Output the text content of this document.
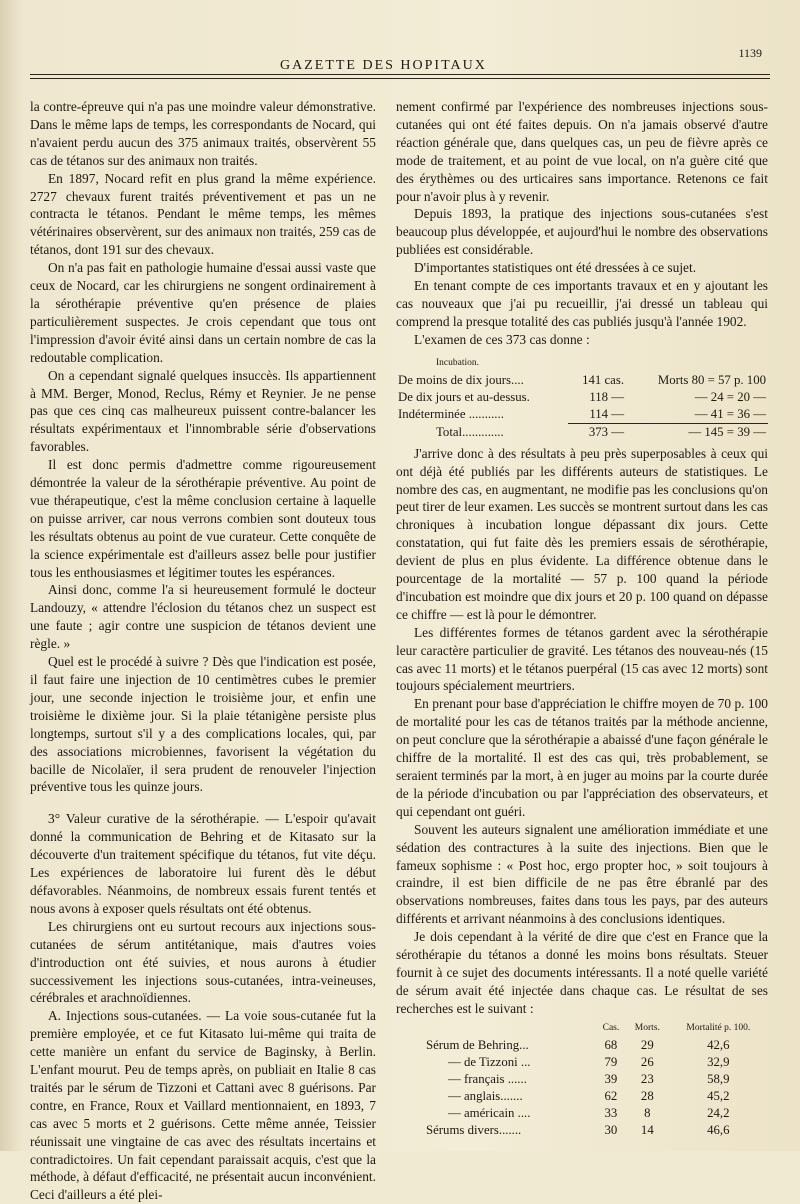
GAZETTE DES HOPITAUX
1139

la contre-épreuve qui n'a pas une moindre valeur démonstrative. Dans le même laps de temps, les correspondants de Nocard, qui n'avaient perdu aucun des 375 animaux traités, observèrent 55 cas de tétanos sur des animaux non traités.

En 1897, Nocard refit en plus grand la même expérience. 2727 chevaux furent traités préventivement et pas un ne contracta le tétanos. Pendant le même temps, les mêmes vétérinaires observèrent, sur des animaux non traités, 259 cas de tétanos, dont 191 sur des chevaux.

On n'a pas fait en pathologie humaine d'essai aussi vaste que ceux de Nocard, car les chirurgiens ne songent ordinairement à la sérothérapie préventive qu'en présence de plaies particulièrement suspectes. Je crois cependant que tous ont l'impression d'avoir évité ainsi dans un certain nombre de cas la redoutable complication.

On a cependant signalé quelques insuccès. Ils appartiennent à MM. Berger, Monod, Reclus, Rémy et Reynier. Je ne pense pas que ces cinq cas malheureux puissent contre-balancer les résultats expérimentaux et l'innombrable série d'observations favorables.

Il est donc permis d'admettre comme rigoureusement démontrée la valeur de la sérothérapie préventive. Au point de vue thérapeutique, c'est la même conclusion certaine à laquelle on puisse arriver, car nous verrons combien sont douteux tous les résultats obtenus au point de vue curateur. Cette conquête de la science expérimentale est d'ailleurs assez belle pour justifier tous les enthousiasmes et légitimer toutes les espérances.

Ainsi donc, comme l'a si heureusement formulé le docteur Landouzy, « attendre l'éclosion du tétanos chez un suspect est une faute ; agir contre une suspicion de tétanos devient une règle. »

Quel est le procédé à suivre ? Dès que l'indication est posée, il faut faire une injection de 10 centimètres cubes le premier jour, une seconde injection le troisième jour, et enfin une troisième le dixième jour. Si la plaie tétanigène persiste plus longtemps, surtout s'il y a des complications locales, qui, par des associations microbiennes, favorisent la végétation du bacille de Nicolaïer, il sera prudent de renouveler l'injection préventive tous les quinze jours.

3° Valeur curative de la sérothérapie. — L'espoir qu'avait donné la communication de Behring et de Kitasato sur la découverte d'un traitement spécifique du tétanos, fut vite déçu. Les expériences de laboratoire lui furent dès le début défavorables. Néanmoins, de nombreux essais furent tentés et nous avons à exposer quels résultats ont été obtenus.

Les chirurgiens ont eu surtout recours aux injections sous-cutanées de sérum antitétanique, mais d'autres voies d'introduction ont été suivies, et nous aurons à étudier successivement les injections sous-cutanées, intra-veineuses, cérébrales et arachnoïdiennes.

A. Injections sous-cutanées. — La voie sous-cutanée fut la première employée, et ce fut Kitasato lui-même qui traita de cette manière un enfant du service de Baginsky, à Berlin. L'enfant mourut. Peu de temps après, on publiait en Italie 8 cas traités par le sérum de Tizzoni et Cattani avec 8 guérisons. Par contre, en France, Roux et Vaillard mentionnaient, en 1893, 7 cas avec 5 morts et 2 guérisons. Cette même année, Teissier réunissait une vingtaine de cas avec des résultats incertains et contradictoires. Un fait cependant paraissait acquis, c'est que la méthode, à défaut d'efficacité, ne présentait aucun inconvénient. Ceci d'ailleurs a été plei-

nement confirmé par l'expérience des nombreuses injections sous-cutanées qui ont été faites depuis. On n'a jamais observé d'autre réaction générale que, dans quelques cas, un peu de fièvre après ce mode de traitement, et au point de vue local, on n'a guère cité que des érythèmes ou des urticaires sans importance. Retenons ce fait pour n'avoir plus à y revenir.

Depuis 1893, la pratique des injections sous-cutanées s'est beaucoup plus développée, et aujourd'hui le nombre des observations publiées est considérable.

D'importantes statistiques ont été dressées à ce sujet.

En tenant compte de ces importants travaux et en y ajoutant les cas nouveaux que j'ai pu recueillir, j'ai dressé un tableau qui comprend la presque totalité des cas publiés jusqu'à l'année 1902.

L'examen de ces 373 cas donne :

Incubation.		
De moins de dix jours....	141 cas.	Morts 80 = 57 p. 100
De dix jours et au-dessus.	118 —	— 24 = 20 —
Indéterminée ...........	114 —	— 41 = 36 —
Total.............	373 —	— 145 = 39 —

J'arrive donc à des résultats à peu près superposables à ceux qui ont déjà été publiés par les différents auteurs de statistiques. Le nombre des cas, en augmentant, ne modifie pas les conclusions qu'on peut tirer de leur examen. Les succès se montrent surtout dans les cas chroniques à incubation longue dépassant dix jours. Cette constatation, qui fut faite dès les premiers essais de sérothérapie, devient de plus en plus évidente. La différence obtenue dans le pourcentage de la mortalité — 57 p. 100 quand la période d'incubation est moindre que dix jours et 20 p. 100 quand on dépasse ce chiffre — est là pour le démontrer.

Les différentes formes de tétanos gardent avec la sérothérapie leur caractère particulier de gravité. Les tétanos des nouveau-nés (15 cas avec 11 morts) et le tétanos puerpéral (15 cas avec 12 morts) sont toujours spécialement meurtriers.

En prenant pour base d'appréciation le chiffre moyen de 70 p. 100 de mortalité pour les cas de tétanos traités par la méthode ancienne, on peut conclure que la sérothérapie a abaissé d'une façon générale le chiffre de la mortalité. Il est des cas qui, très probablement, se seraient terminés par la mort, à en juger au moins par la courte durée de la période d'incubation ou par l'appréciation des observateurs, et qui cependant ont guéri.

Souvent les auteurs signalent une amélioration immédiate et une sédation des contractures à la suite des injections. Bien que le fameux sophisme : « Post hoc, ergo propter hoc, » soit toujours à craindre, il est bien difficile de ne pas être ébranlé par des observations nombreuses, faites dans tous les pays, par des auteurs différents et arrivant néanmoins à des conclusions identiques.

Je dois cependant à la vérité de dire que c'est en France que la sérothérapie du tétanos a donné les moins bons résultats. Steuer fournit à ce sujet des documents intéressants. Il a noté quelle variété de sérum avait été injectée dans chaque cas. Le résultat de ses recherches est le suivant :

	Cas.	Morts.	Mortalité p. 100.
Sérum de Behring...	68	29	42,6
— de Tizzoni ...	79	26	32,9
— français ......	39	23	58,9
— anglais.......	62	28	45,2
— américain ....	33	8	24,2
Sérums divers.......	30	14	46,6
